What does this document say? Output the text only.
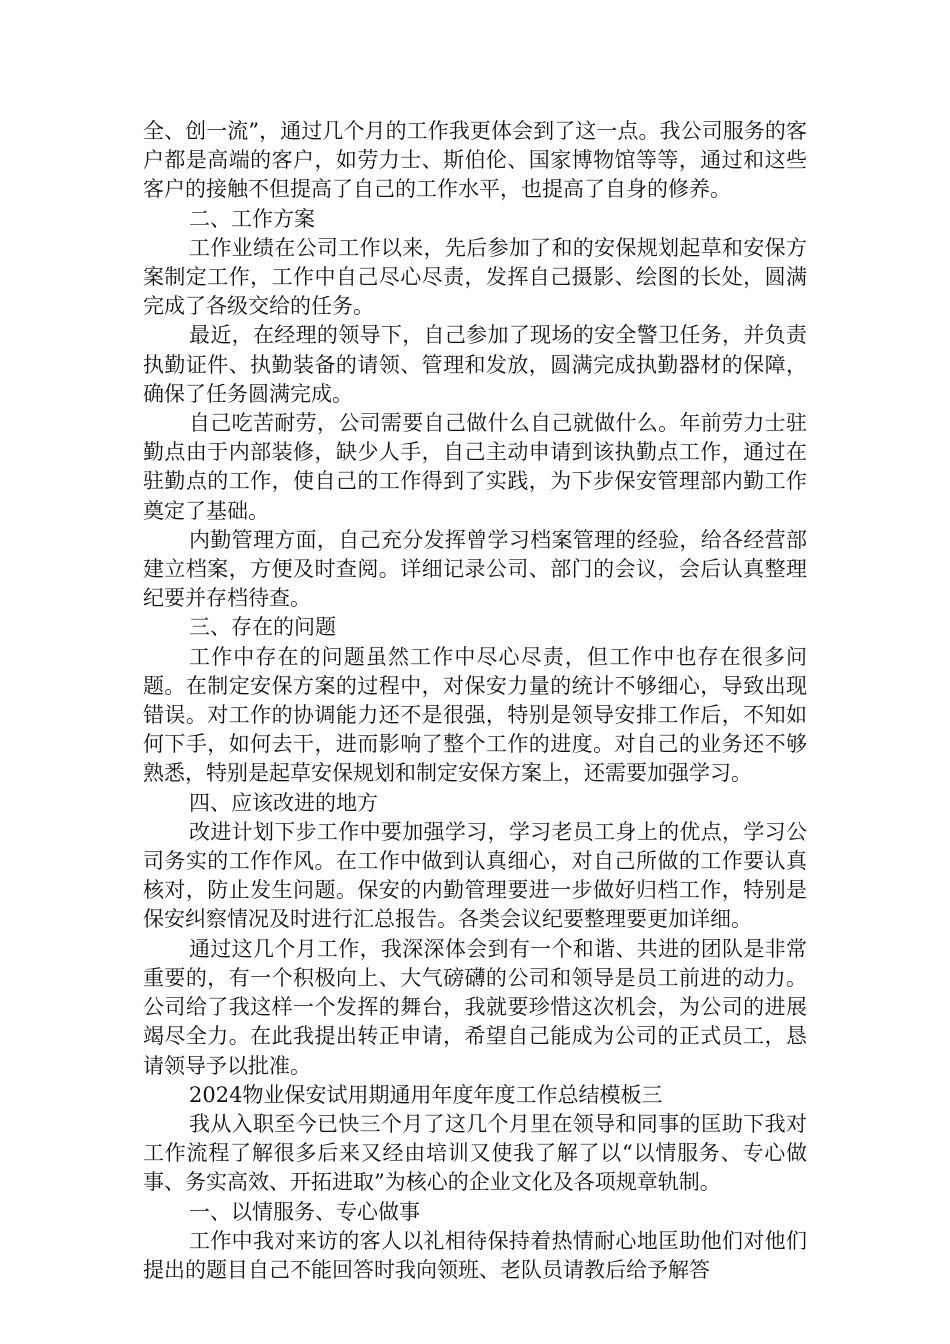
全、创一流”，通过几个月的工作我更体会到了这一点。我公司服务的客户都是高端的客户，如劳力士、斯伯伦、国家博物馆等等，通过和这些客户的接触不但提高了自己的工作水平，也提高了自身的修养。

二、工作方案

工作业绩在公司工作以来，先后参加了和的安保规划起草和安保方案制定工作，工作中自己尽心尽责，发挥自己摄影、绘图的长处，圆满完成了各级交给的任务。

最近，在经理的领导下，自己参加了现场的安全警卫任务，并负责执勤证件、执勤装备的请领、管理和发放，圆满完成执勤器材的保障，确保了任务圆满完成。

自己吃苦耐劳，公司需要自己做什么自己就做什么。年前劳力士驻勤点由于内部装修，缺少人手，自己主动申请到该执勤点工作，通过在驻勤点的工作，使自己的工作得到了实践，为下步保安管理部内勤工作奠定了基础。

内勤管理方面，自己充分发挥曾学习档案管理的经验，给各经营部建立档案，方便及时查阅。详细记录公司、部门的会议，会后认真整理纪要并存档待查。

三、存在的问题

工作中存在的问题虽然工作中尽心尽责，但工作中也存在很多问题。在制定安保方案的过程中，对保安力量的统计不够细心，导致出现错误。对工作的协调能力还不是很强，特别是领导安排工作后，不知如何下手，如何去干，进而影响了整个工作的进度。对自己的业务还不够熟悉，特别是起草安保规划和制定安保方案上，还需要加强学习。

四、应该改进的地方

改进计划下步工作中要加强学习，学习老员工身上的优点，学习公司务实的工作作风。在工作中做到认真细心，对自己所做的工作要认真核对，防止发生问题。保安的内勤管理要进一步做好归档工作，特别是保安纠察情况及时进行汇总报告。各类会议纪要整理要更加详细。

通过这几个月工作，我深深体会到有一个和谐、共进的团队是非常重要的，有一个积极向上、大气磅礴的公司和领导是员工前进的动力。公司给了我这样一个发挥的舞台，我就要珍惜这次机会，为公司的进展竭尽全力。在此我提出转正申请，希望自己能成为公司的正式员工，恳请领导予以批准。

2024物业保安试用期通用年度年度工作总结模板三

我从入职至今已快三个月了这几个月里在领导和同事的匡助下我对工作流程了解很多后来又经由培训又使我了解了以“以情服务、专心做事、务实高效、开拓进取”为核心的企业文化及各项规章轨制。

一、以情服务、专心做事

工作中我对来访的客人以礼相待保持着热情耐心地匡助他们对他们提出的题目自己不能回答时我向领班、老队员请教后给予解答
